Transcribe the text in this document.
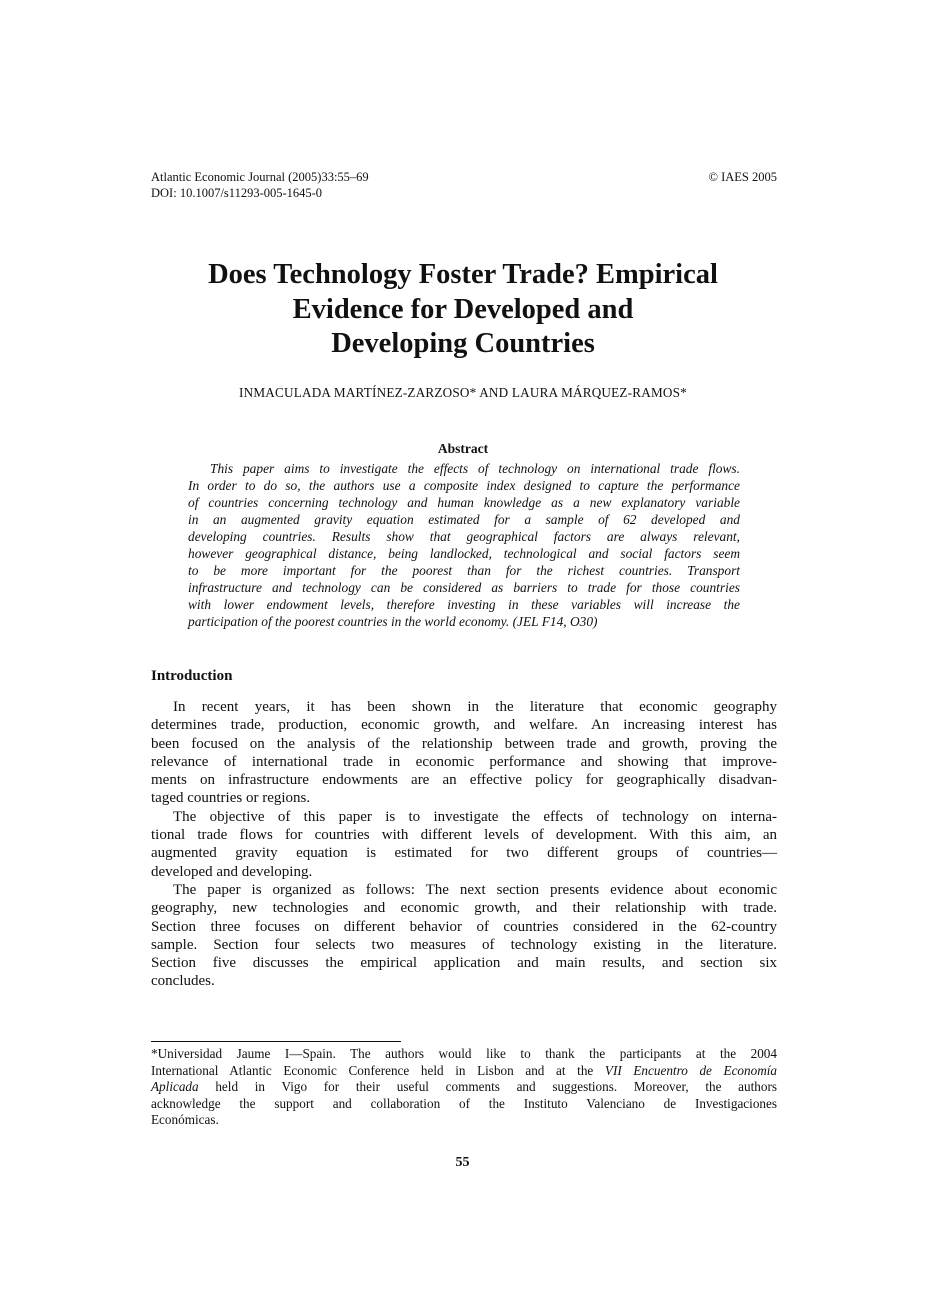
Atlantic Economic Journal (2005)33:55–69	© IAES 2005
DOI: 10.1007/s11293-005-1645-0
Does Technology Foster Trade? Empirical
Evidence for Developed and
Developing Countries
INMACULADA MARTÍNEZ-ZARZOSO* AND LAURA MÁRQUEZ-RAMOS*
Abstract
This paper aims to investigate the effects of technology on international trade flows.
In order to do so, the authors use a composite index designed to capture the performance
of countries concerning technology and human knowledge as a new explanatory variable
in an augmented gravity equation estimated for a sample of 62 developed and
developing countries. Results show that geographical factors are always relevant,
however geographical distance, being landlocked, technological and social factors seem
to be more important for the poorest than for the richest countries. Transport
infrastructure and technology can be considered as barriers to trade for those countries
with lower endowment levels, therefore investing in these variables will increase the
participation of the poorest countries in the world economy. (JEL F14, O30)
Introduction
In recent years, it has been shown in the literature that economic geography
determines trade, production, economic growth, and welfare. An increasing interest has
been focused on the analysis of the relationship between trade and growth, proving the
relevance of international trade in economic performance and showing that improve-
ments on infrastructure endowments are an effective policy for geographically disadvan-
taged countries or regions.
The objective of this paper is to investigate the effects of technology on interna-
tional trade flows for countries with different levels of development. With this aim, an
augmented gravity equation is estimated for two different groups of countries—
developed and developing.
The paper is organized as follows: The next section presents evidence about economic
geography, new technologies and economic growth, and their relationship with trade.
Section three focuses on different behavior of countries considered in the 62-country
sample. Section four selects two measures of technology existing in the literature.
Section five discusses the empirical application and main results, and section six
concludes.
*Universidad Jaume I—Spain. The authors would like to thank the participants at the 2004
International Atlantic Economic Conference held in Lisbon and at the VII Encuentro de Economía
Aplicada held in Vigo for their useful comments and suggestions. Moreover, the authors
acknowledge the support and collaboration of the Instituto Valenciano de Investigaciones
Económicas.
55
